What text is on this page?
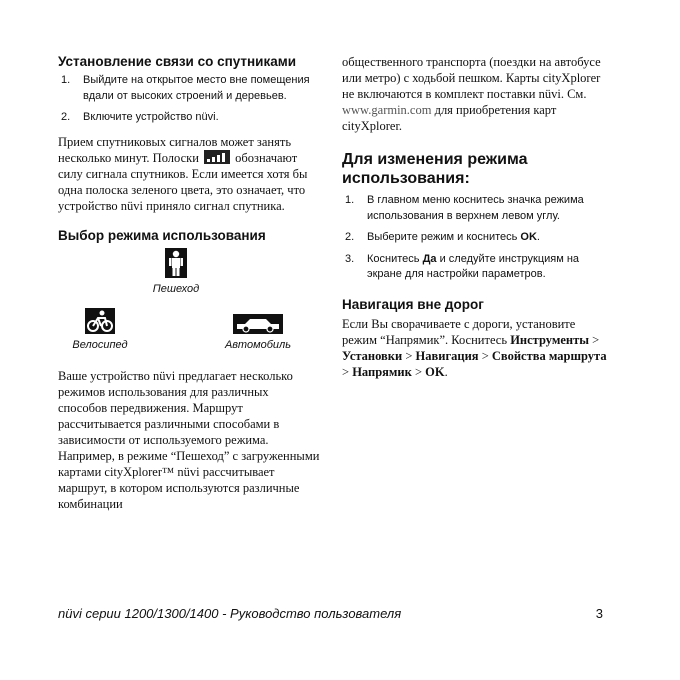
Установление связи со спутниками
1. Выйдите на открытое место вне помещения вдали от высоких строений и деревьев.
2. Включите устройство nüvi.

Прием спутниковых сигналов может занять несколько минут. Полоски	обозначают силу сигнала спутников. Если имеется хотя бы одна полоска зеленого цвета, это означает, что устройство nüvi приняло сигнал спутника.

Выбор режима использования
Пешеход
Велосипед	Автомобиль

Ваше устройство nüvi предлагает несколько режимов использования для различных способов передвижения. Маршрут рассчитывается различными способами в зависимости от используемого режима. Например, в режиме “Пешеход” с загруженными картами cityXplorer™ nüvi рассчитывает маршрут, в котором используются различные комбинации

общественного транспорта (поездки на автобусе или метро) с ходьбой пешком. Карты cityXplorer не включаются в комплект поставки nüvi. См. www.garmin.com для приобретения карт cityXplorer.

Для изменения режима использования:
1. В главном меню коснитесь значка режима использования в верхнем левом углу.
2. Выберите режим и коснитесь OK.
3. Коснитесь Да и следуйте инструкциям на экране для настройки параметров.
Навигация вне дорог

Если Вы сворачиваете с дороги, установите режим “Напрямик”. Коснитесь Инструменты > Установки > Навигация > Свойства маршрута > Напрямик > OK.

nüvi серии 1200/1300/1400 - Руководство пользователя	3
